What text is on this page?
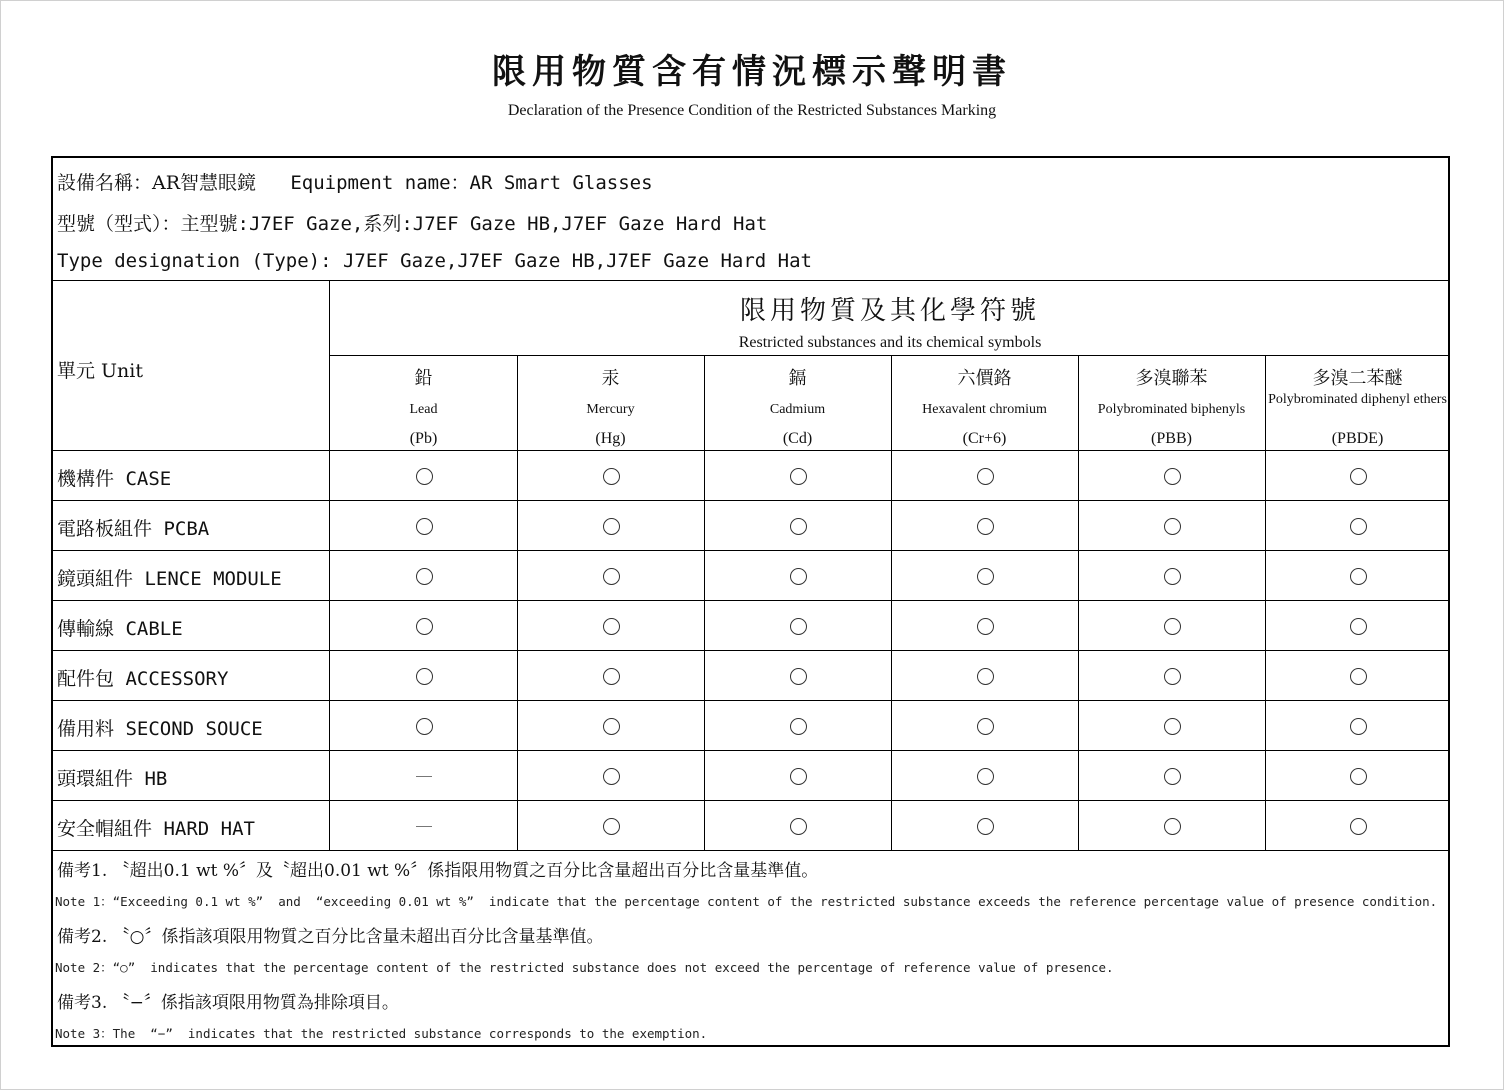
限用物質含有情況標示聲明書
Declaration of the Presence Condition of the Restricted Substances Marking
設備名稱：AR智慧眼鏡 Equipment name：AR Smart Glasses
型號（型式）：主型號:J7EF Gaze,系列:J7EF Gaze HB,J7EF Gaze Hard Hat
Type designation (Type): J7EF Gaze,J7EF Gaze HB,J7EF Gaze Hard Hat
單元 Unit
限用物質及其化學符號
Restricted substances and its chemical symbols
鉛
Lead
(Pb)
汞
Mercury
(Hg)
鎘
Cadmium
(Cd)
六價鉻
Hexavalent chromium
(Cr+6)
多溴聯苯
Polybrominated biphenyls
(PBB)
多溴二苯醚
Polybrominated diphenyl ethers
(PBDE)
機構件 CASE
電路板組件 PCBA
鏡頭組件 LENCE MODULE
傳輸線 CABLE
配件包 ACCESSORY
備用料 SECOND SOUCE
頭環組件 HB
安全帽組件 HARD HAT
備考1. 〝超出0.1 wt %〞及〝超出0.01 wt %〞係指限用物質之百分比含量超出百分比含量基準值。
Note 1：“Exceeding 0.1 wt %”  and  “exceeding 0.01 wt %”  indicate that the percentage content of the restricted substance exceeds the reference percentage value of presence condition.
備考2. 〝○〞係指該項限用物質之百分比含量未超出百分比含量基準值。
Note 2：“○”  indicates that the percentage content of the restricted substance does not exceed the percentage of reference value of presence.
備考3. 〝−〞係指該項限用物質為排除項目。
Note 3：The  “−”  indicates that the restricted substance corresponds to the exemption.
